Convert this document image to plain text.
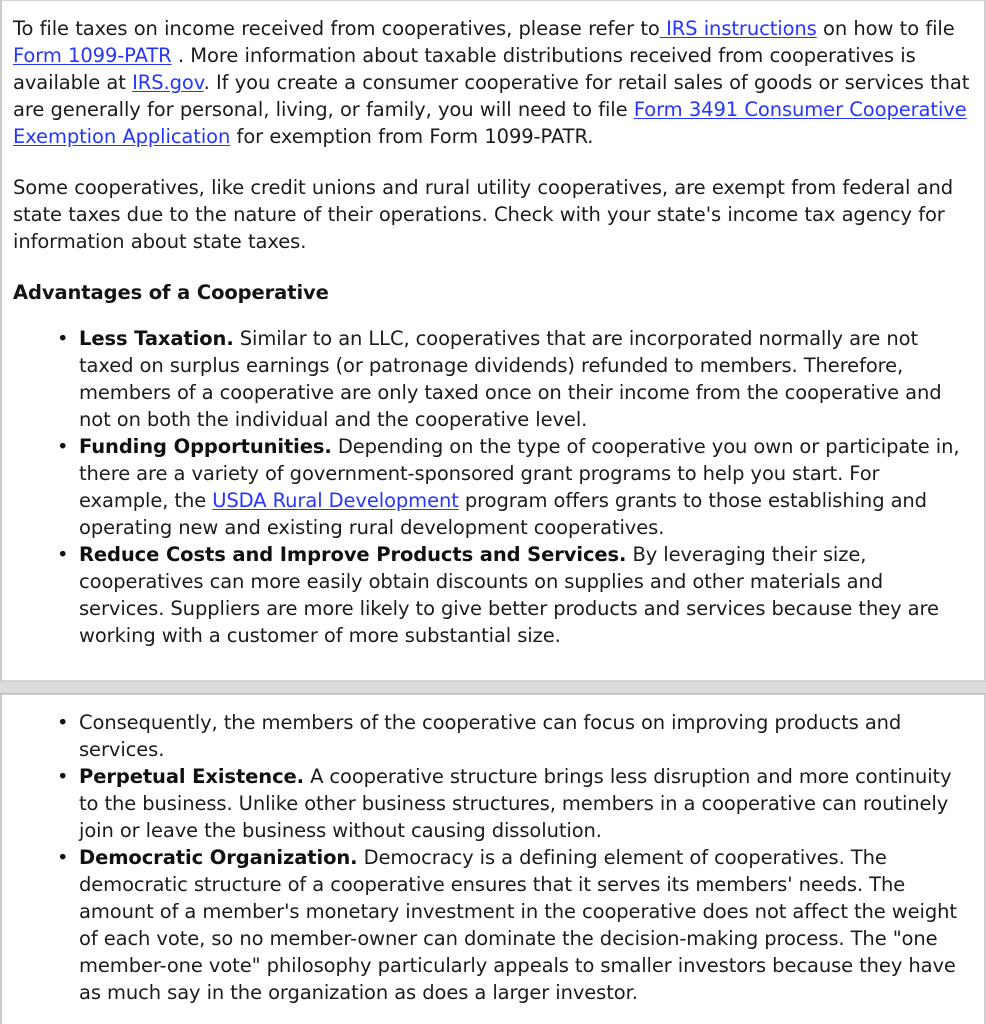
To file taxes on income received from cooperatives, please refer to IRS instructions on how to file Form 1099-PATR . More information about taxable distributions received from cooperatives is available at IRS.gov. If you create a consumer cooperative for retail sales of goods or services that are generally for personal, living, or family, you will need to file Form 3491 Consumer Cooperative Exemption Application for exemption from Form 1099-PATR.

Some cooperatives, like credit unions and rural utility cooperatives, are exempt from federal and state taxes due to the nature of their operations. Check with your state's income tax agency for information about state taxes.

Advantages of a Cooperative
• Less Taxation. Similar to an LLC, cooperatives that are incorporated normally are not taxed on surplus earnings (or patronage dividends) refunded to members. Therefore, members of a cooperative are only taxed once on their income from the cooperative and not on both the individual and the cooperative level.
• Funding Opportunities. Depending on the type of cooperative you own or participate in, there are a variety of government-sponsored grant programs to help you start. For example, the USDA Rural Development program offers grants to those establishing and operating new and existing rural development cooperatives.
• Reduce Costs and Improve Products and Services. By leveraging their size, cooperatives can more easily obtain discounts on supplies and other materials and services. Suppliers are more likely to give better products and services because they are working with a customer of more substantial size.
• Consequently, the members of the cooperative can focus on improving products and services.
• Perpetual Existence. A cooperative structure brings less disruption and more continuity to the business. Unlike other business structures, members in a cooperative can routinely join or leave the business without causing dissolution.
• Democratic Organization. Democracy is a defining element of cooperatives. The democratic structure of a cooperative ensures that it serves its members' needs. The amount of a member's monetary investment in the cooperative does not affect the weight of each vote, so no member-owner can dominate the decision-making process. The "one member-one vote" philosophy particularly appeals to smaller investors because they have as much say in the organization as does a larger investor.
